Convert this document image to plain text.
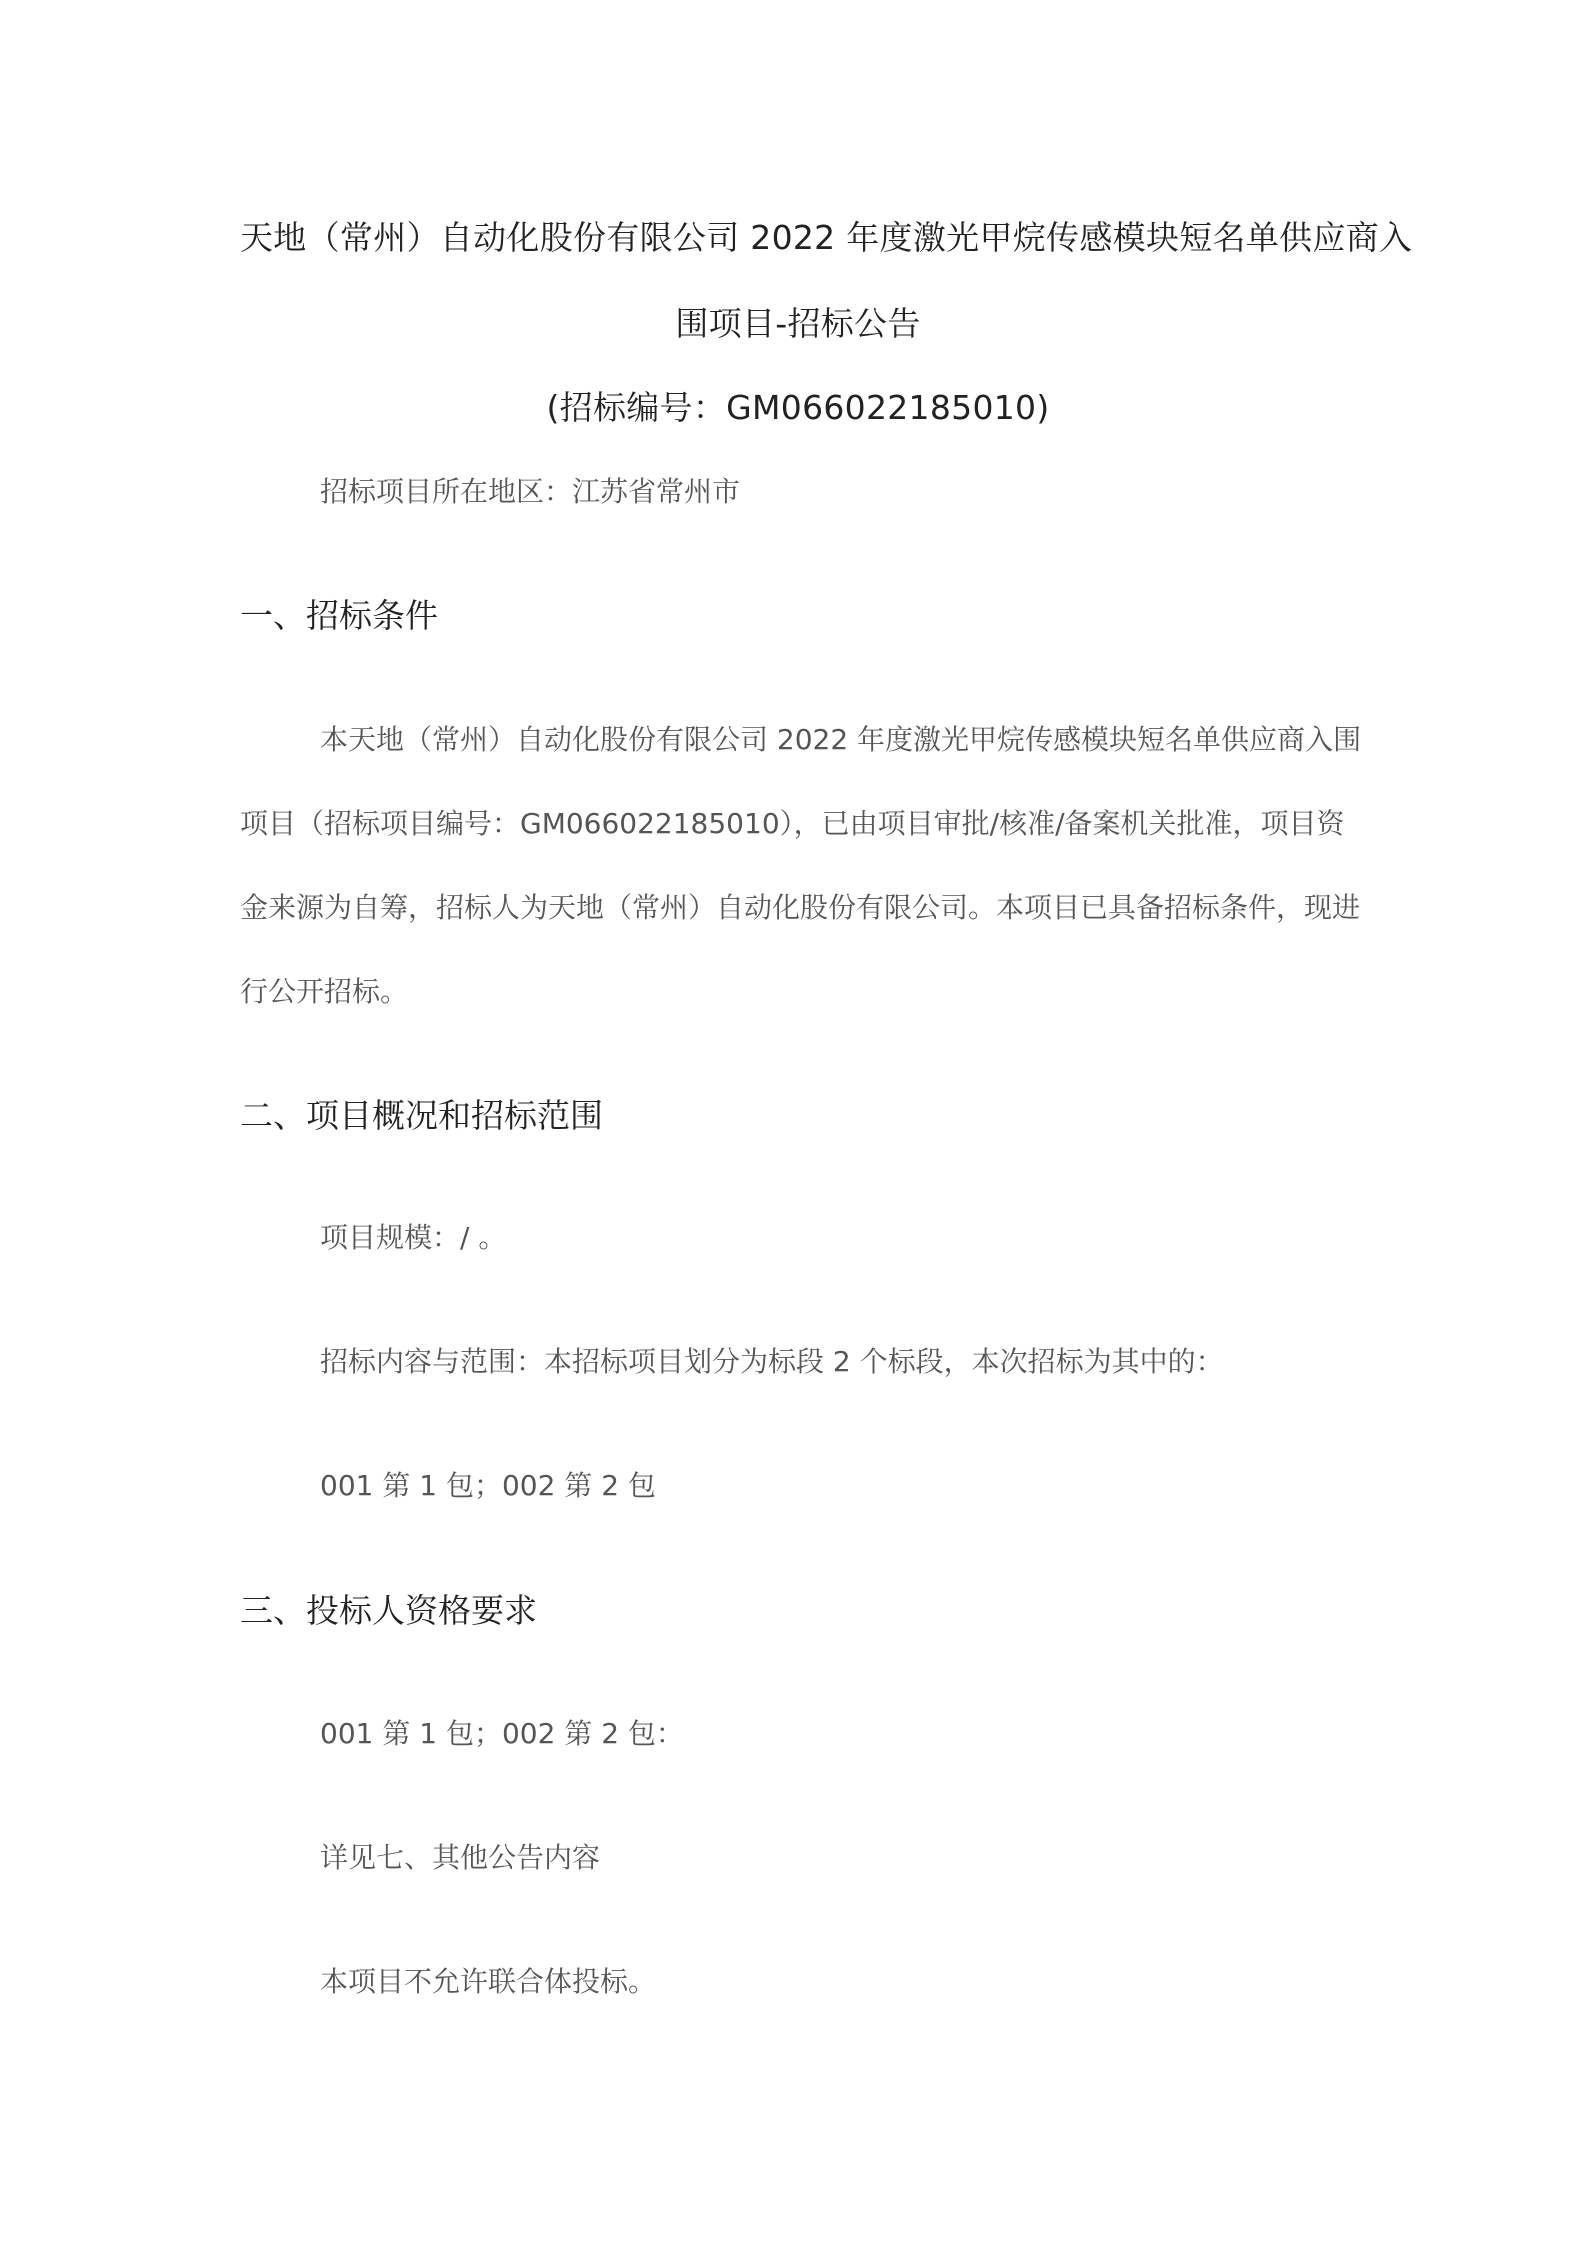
天地（常州）自动化股份有限公司 2022 年度激光甲烷传感模块短名单供应商入
围项目-招标公告
(招标编号：GM066022185010)
招标项目所在地区：江苏省常州市
一、招标条件
本天地（常州）自动化股份有限公司 2022 年度激光甲烷传感模块短名单供应商入围
项目（招标项目编号：GM066022185010），已由项目审批/核准/备案机关批准，项目资
金来源为自筹，招标人为天地（常州）自动化股份有限公司。本项目已具备招标条件，现进
行公开招标。
二、项目概况和招标范围
项目规模：/ 。
招标内容与范围：本招标项目划分为标段 2 个标段，本次招标为其中的：
001 第 1 包；002 第 2 包
三、投标人资格要求
001 第 1 包；002 第 2 包：
详见七、其他公告内容
本项目不允许联合体投标。
